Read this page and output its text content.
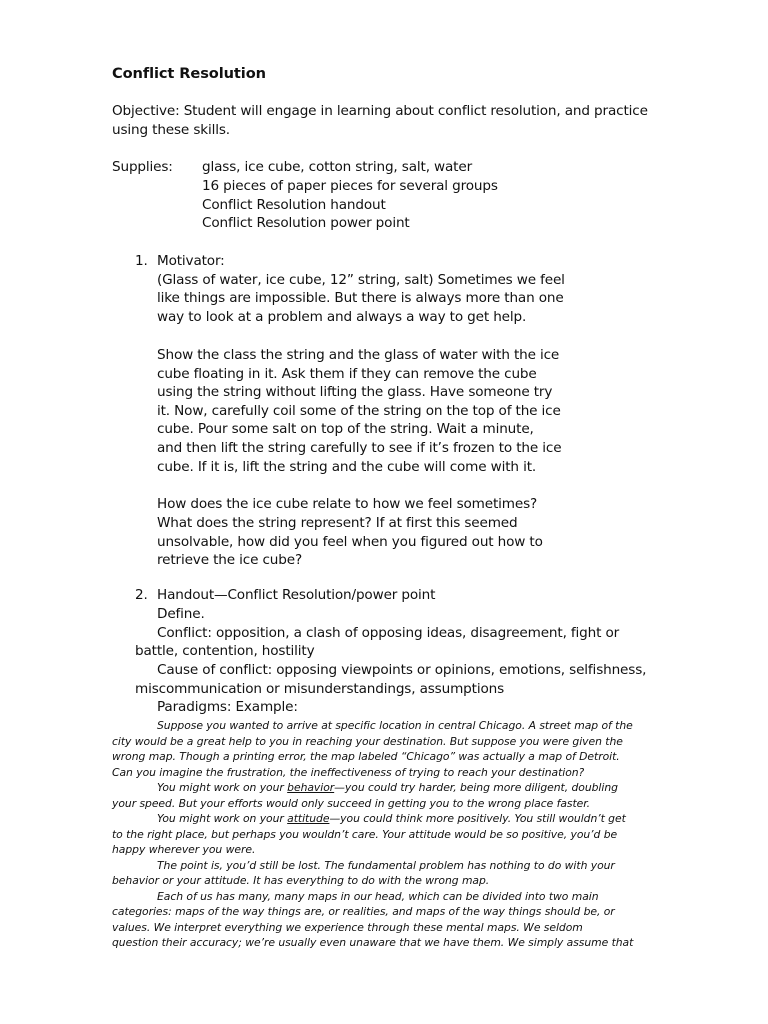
Conflict Resolution
Objective: Student will engage in learning about conflict resolution, and practice
using these skills.
Supplies: glass, ice cube, cotton string, salt, water
16 pieces of paper pieces for several groups
Conflict Resolution handout
Conflict Resolution power point
1. Motivator:
(Glass of water, ice cube, 12” string, salt) Sometimes we feel
like things are impossible. But there is always more than one
way to look at a problem and always a way to get help.
Show the class the string and the glass of water with the ice
cube floating in it. Ask them if they can remove the cube
using the string without lifting the glass. Have someone try
it. Now, carefully coil some of the string on the top of the ice
cube. Pour some salt on top of the string. Wait a minute,
and then lift the string carefully to see if it’s frozen to the ice
cube. If it is, lift the string and the cube will come with it.
How does the ice cube relate to how we feel sometimes?
What does the string represent? If at first this seemed
unsolvable, how did you feel when you figured out how to
retrieve the ice cube?
2. Handout—Conflict Resolution/power point
Define.
Conflict: opposition, a clash of opposing ideas, disagreement, fight or
battle, contention, hostility
Cause of conflict: opposing viewpoints or opinions, emotions, selfishness,
miscommunication or misunderstandings, assumptions
Paradigms: Example:
Suppose you wanted to arrive at specific location in central Chicago. A street map of the
city would be a great help to you in reaching your destination. But suppose you were given the
wrong map. Though a printing error, the map labeled “Chicago” was actually a map of Detroit.
Can you imagine the frustration, the ineffectiveness of trying to reach your destination?
You might work on your behavior—you could try harder, being more diligent, doubling
your speed. But your efforts would only succeed in getting you to the wrong place faster.
You might work on your attitude—you could think more positively. You still wouldn’t get
to the right place, but perhaps you wouldn’t care. Your attitude would be so positive, you’d be
happy wherever you were.
The point is, you’d still be lost. The fundamental problem has nothing to do with your
behavior or your attitude. It has everything to do with the wrong map.
Each of us has many, many maps in our head, which can be divided into two main
categories: maps of the way things are, or realities, and maps of the way things should be, or
values. We interpret everything we experience through these mental maps. We seldom
question their accuracy; we’re usually even unaware that we have them. We simply assume that
